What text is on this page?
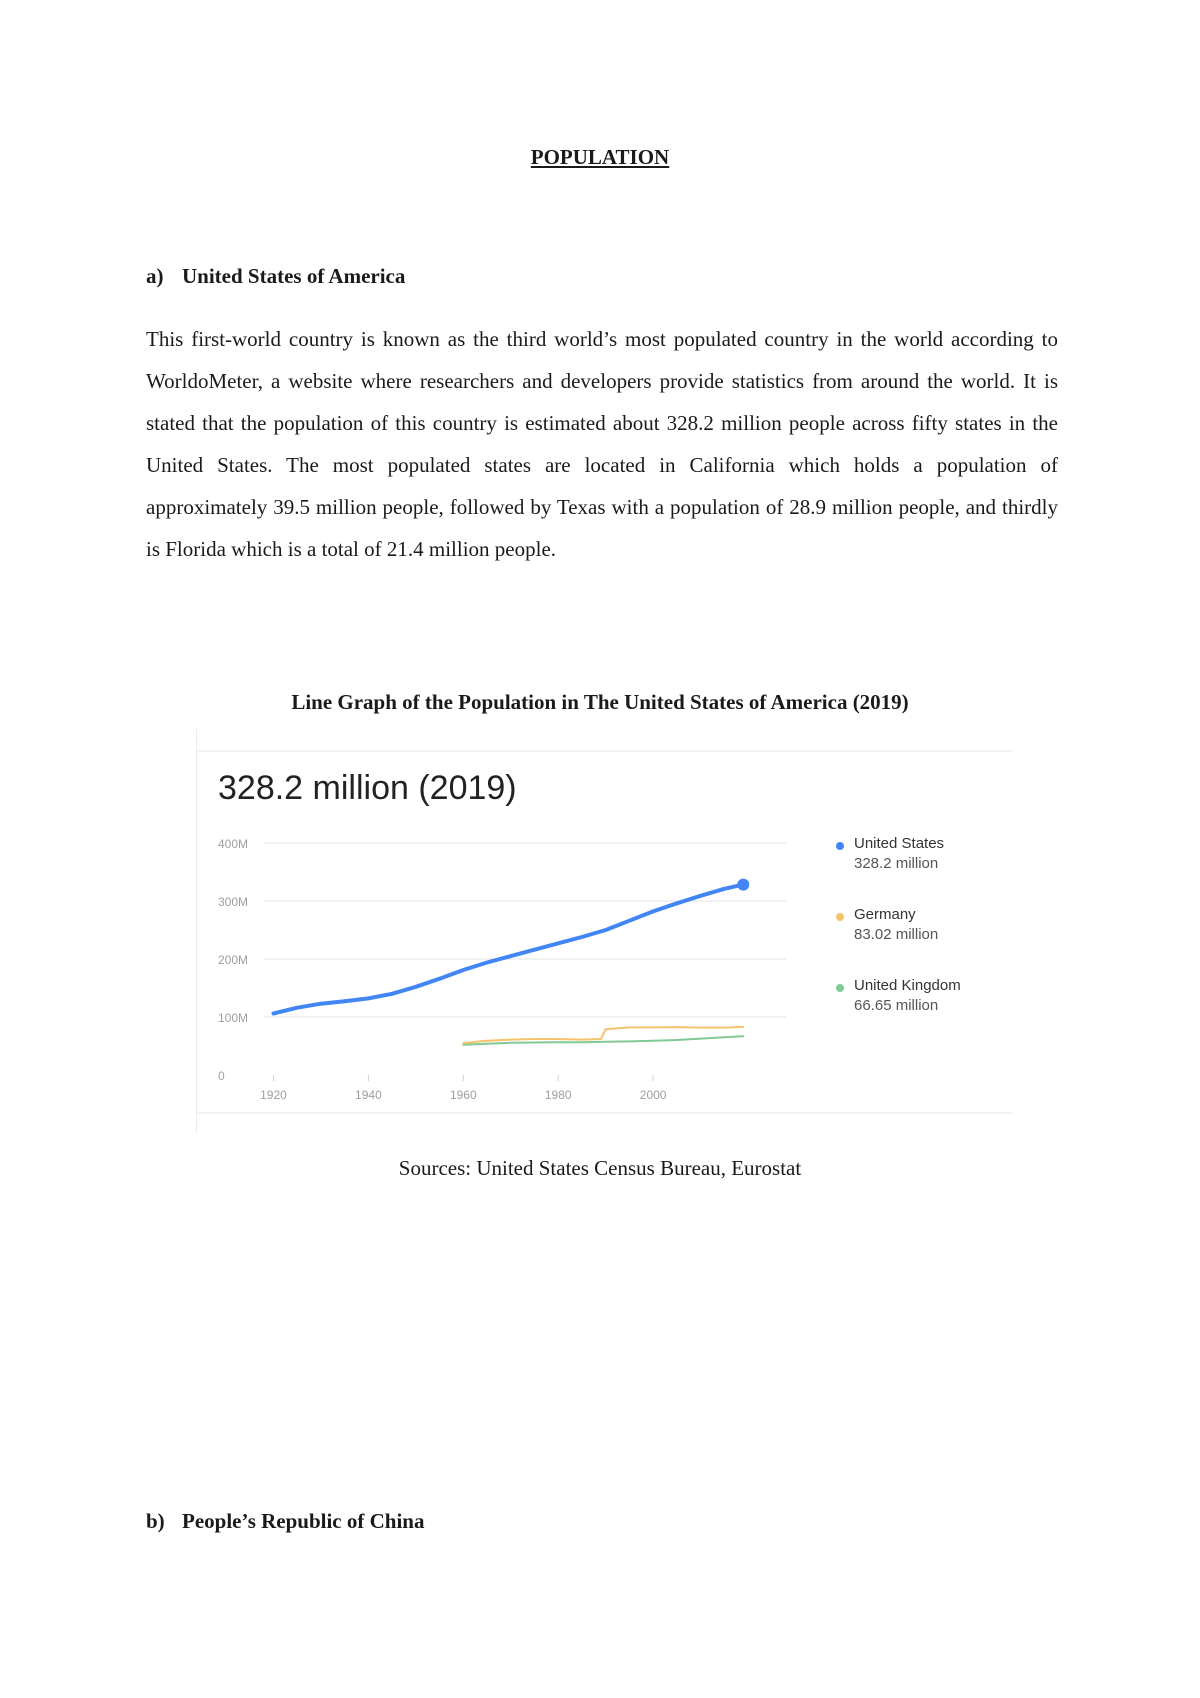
POPULATION
a) United States of America
This first-world country is known as the third world’s most populated country in the world according to WorldoMeter, a website where researchers and developers provide statistics from around the world. It is stated that the population of this country is estimated about 328.2 million people across fifty states in the United States. The most populated states are located in California which holds a population of approximately 39.5 million people, followed by Texas with a population of 28.9 million people, and thirdly is Florida which is a total of 21.4 million people.
Line Graph of the Population in The United States of America (2019)
0
100M
200M
300M
400M
1920	1940	1960	1980	2000
328.2 million (2019)
United States
328.2 million
Germany
83.02 million
United Kingdom
66.65 million
Sources: United States Census Bureau, Eurostat
b) People’s Republic of China
